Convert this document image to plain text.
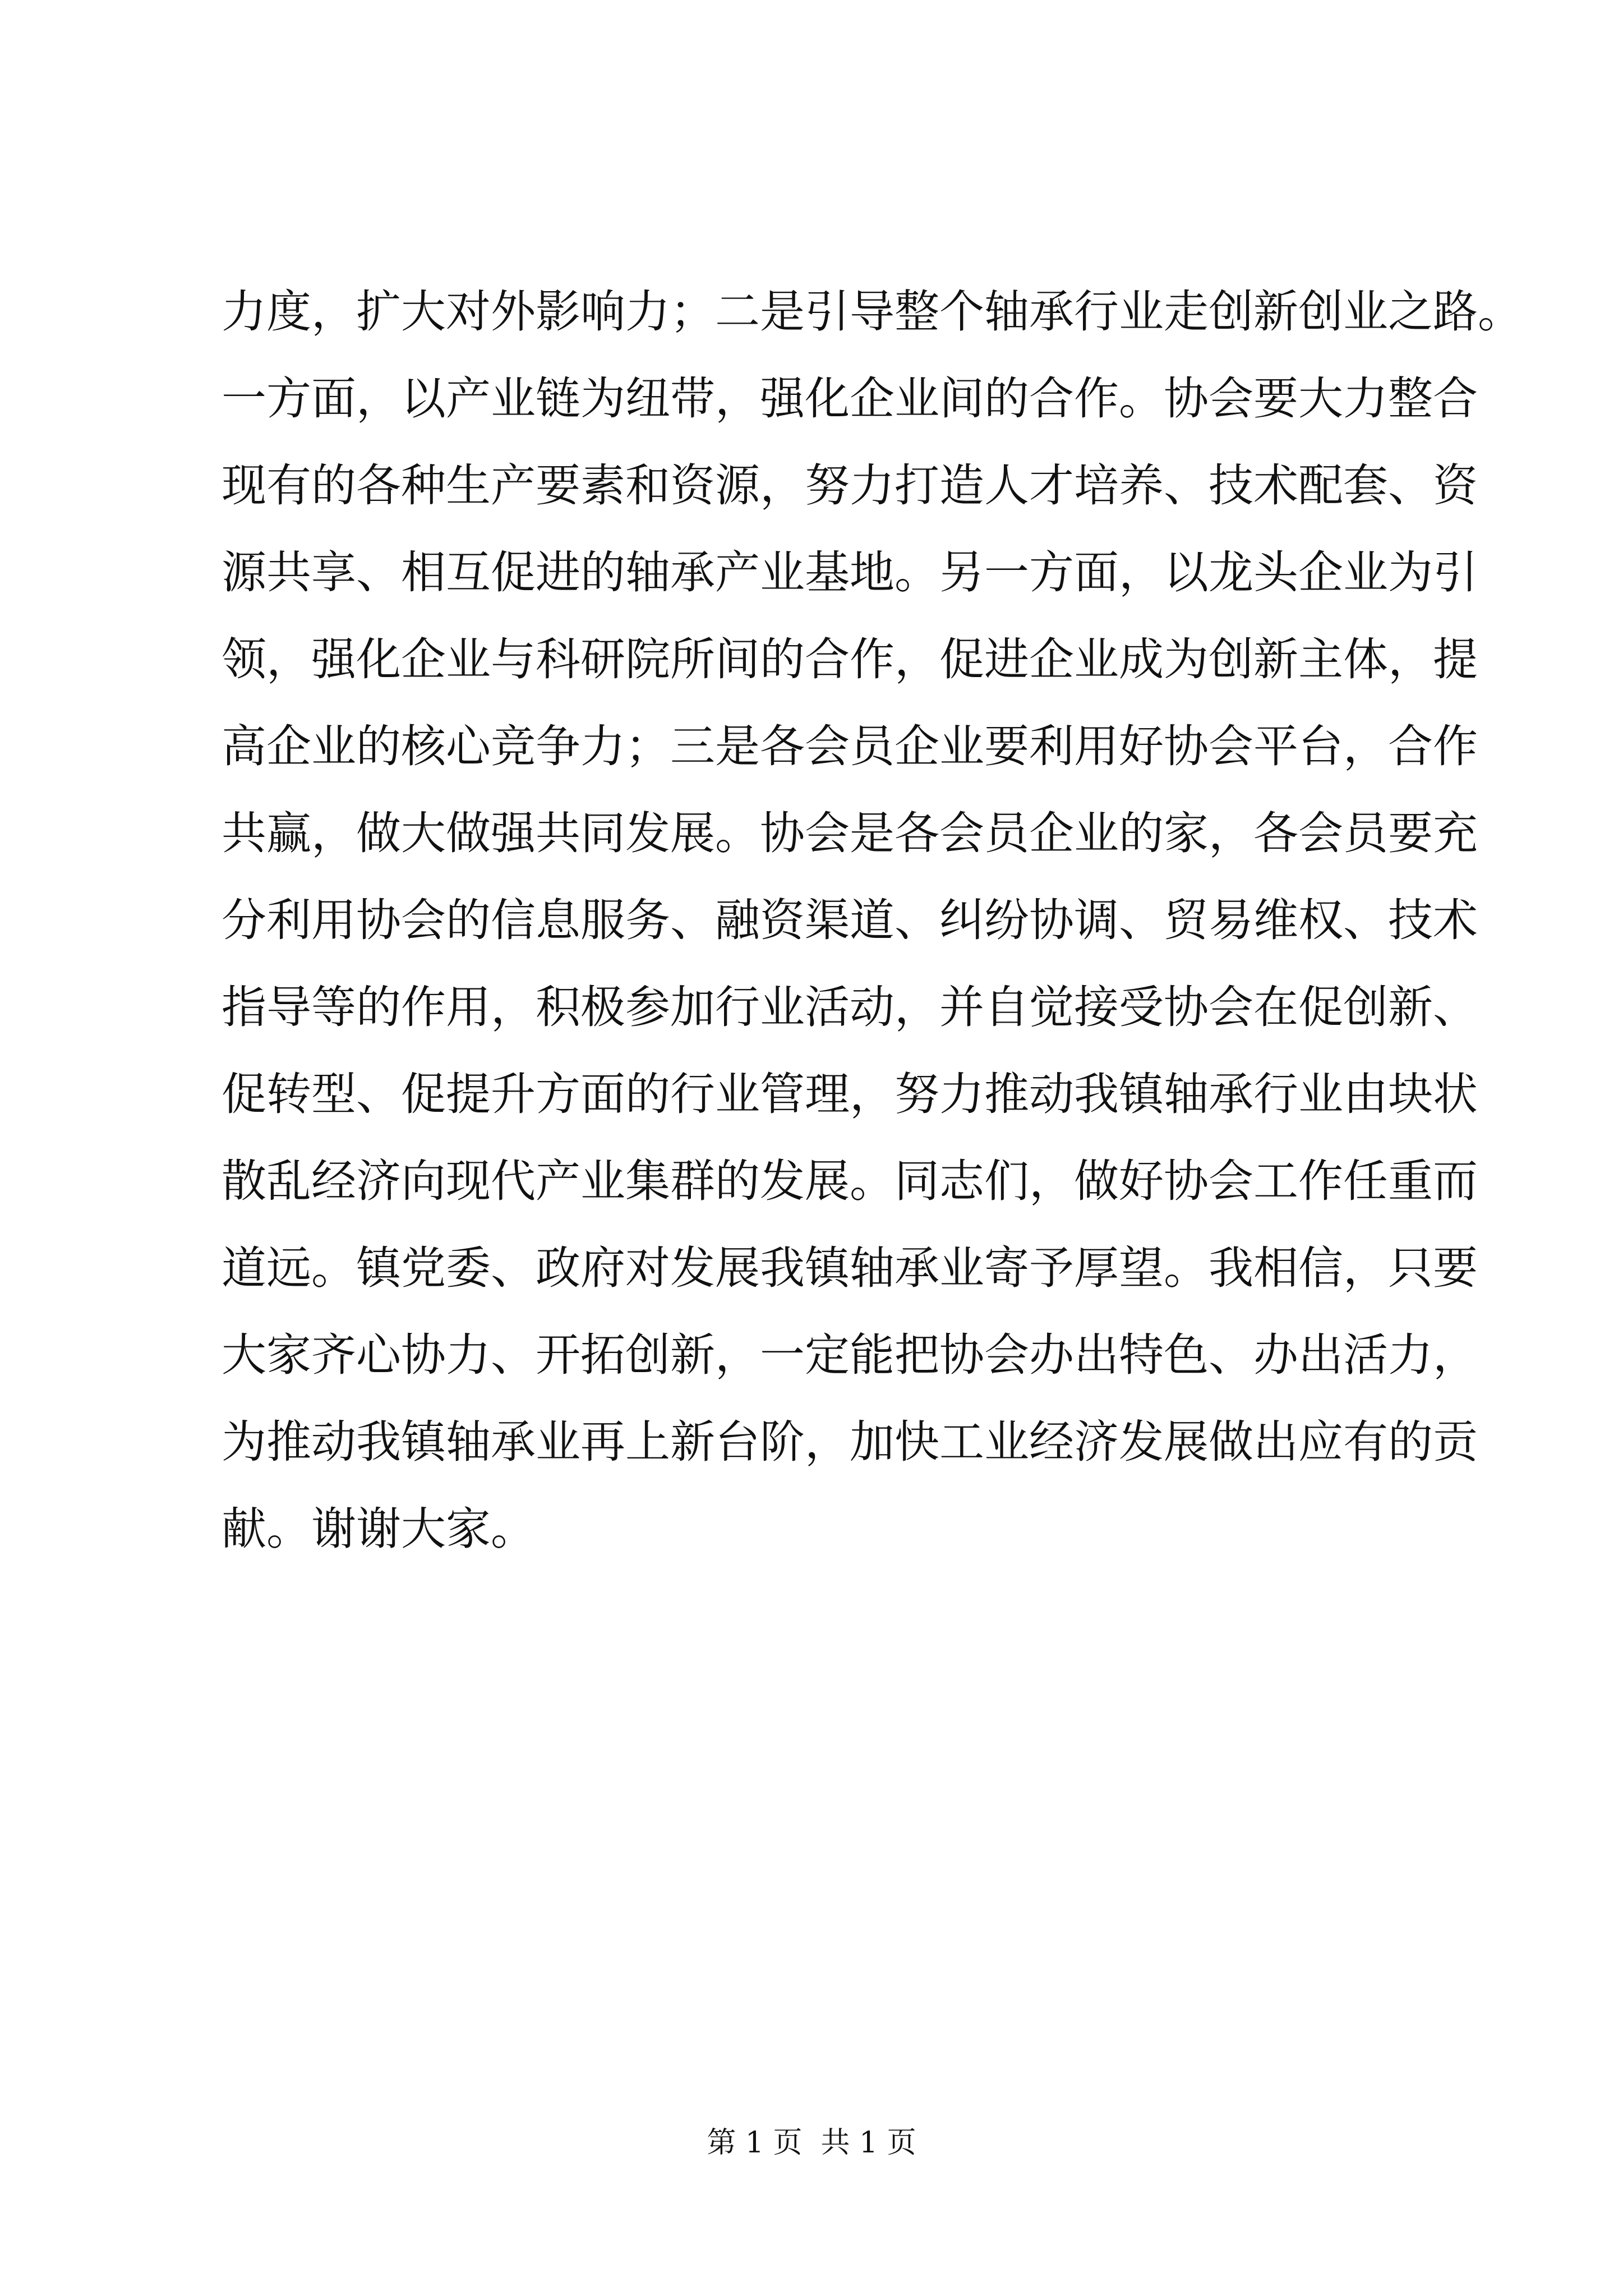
力度，扩大对外影响力；二是引导整个轴承行业走创新创业之路。
一方面，以产业链为纽带，强化企业间的合作。协会要大力整合
现有的各种生产要素和资源，努力打造人才培养、技术配套、资
源共享、相互促进的轴承产业基地。另一方面，以龙头企业为引
领，强化企业与科研院所间的合作，促进企业成为创新主体，提
高企业的核心竞争力；三是各会员企业要利用好协会平台，合作
共赢，做大做强共同发展。协会是各会员企业的家，各会员要充
分利用协会的信息服务、融资渠道、纠纷协调、贸易维权、技术
指导等的作用，积极参加行业活动，并自觉接受协会在促创新、
促转型、促提升方面的行业管理，努力推动我镇轴承行业由块状
散乱经济向现代产业集群的发展。同志们，做好协会工作任重而
道远。镇党委、政府对发展我镇轴承业寄予厚望。我相信，只要
大家齐心协力、开拓创新，一定能把协会办出特色、办出活力，
为推动我镇轴承业再上新台阶，加快工业经济发展做出应有的贡
献。谢谢大家。
第 1 页  共 1 页
